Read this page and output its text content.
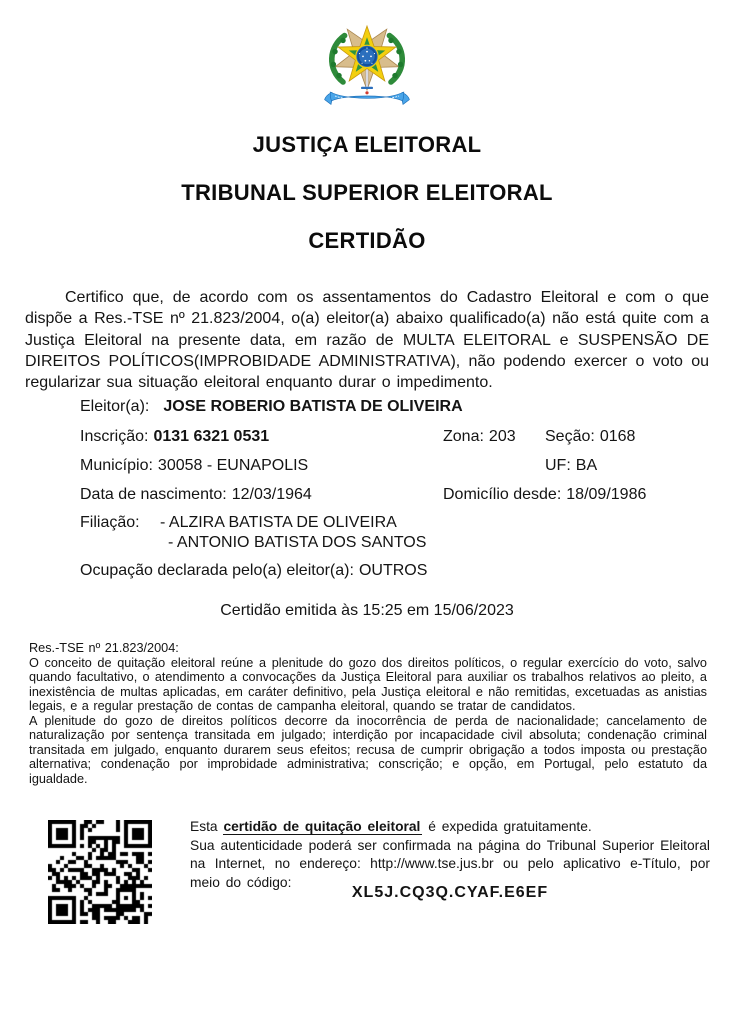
JUSTIÇA ELEITORAL
TRIBUNAL SUPERIOR ELEITORAL
CERTIDÃO

Certifico que, de acordo com os assentamentos do Cadastro Eleitoral e com o que dispõe a Res.-TSE nº 21.823/2004, o(a) eleitor(a) abaixo qualificado(a) não está quite com a Justiça Eleitoral na presente data, em razão de MULTA ELEITORAL e SUSPENSÃO DE DIREITOS POLÍTICOS(IMPROBIDADE ADMINISTRATIVA), não podendo exercer o voto ou regularizar sua situação eleitoral enquanto durar o impedimento.

Eleitor(a): JOSE ROBERIO BATISTA DE OLIVEIRA
Inscrição: 0131 6321 0531	Zona: 203 Seção: 0168
Município: 30058 - EUNAPOLIS	UF: BA
Data de nascimento: 12/03/1964	Domicílio desde: 18/09/1986
Filiação:	- ALZIRA BATISTA DE OLIVEIRA
- ANTONIO BATISTA DOS SANTOS
Ocupação declarada pelo(a) eleitor(a): OUTROS
Certidão emitida às 15:25 em 15/06/2023
Res.-TSE nº 21.823/2004:
O conceito de quitação eleitoral reúne a plenitude do gozo dos direitos políticos, o regular exercício do voto, salvo quando facultativo, o atendimento a convocações da Justiça Eleitoral para auxiliar os trabalhos relativos ao pleito, a inexistência de multas aplicadas, em caráter definitivo, pela Justiça eleitoral e não remitidas, excetuadas as anistias legais, e a regular prestação de contas de campanha eleitoral, quando se tratar de candidatos.
A plenitude do gozo de direitos políticos decorre da inocorrência de perda de nacionalidade; cancelamento de naturalização por sentença transitada em julgado; interdição por incapacidade civil absoluta; condenação criminal transitada em julgado, enquanto durarem seus efeitos; recusa de cumprir obrigação a todos imposta ou prestação alternativa; condenação por improbidade administrativa; conscrição; e opção, em Portugal, pelo estatuto da igualdade.
Esta certidão de quitação eleitoral é expedida gratuitamente.
Sua autenticidade poderá ser confirmada na página do Tribunal Superior Eleitoral na Internet, no endereço: http://www.tse.jus.br ou pelo aplicativo e-Título, por meio do código:
XL5J.CQ3Q.CYAF.E6EF
